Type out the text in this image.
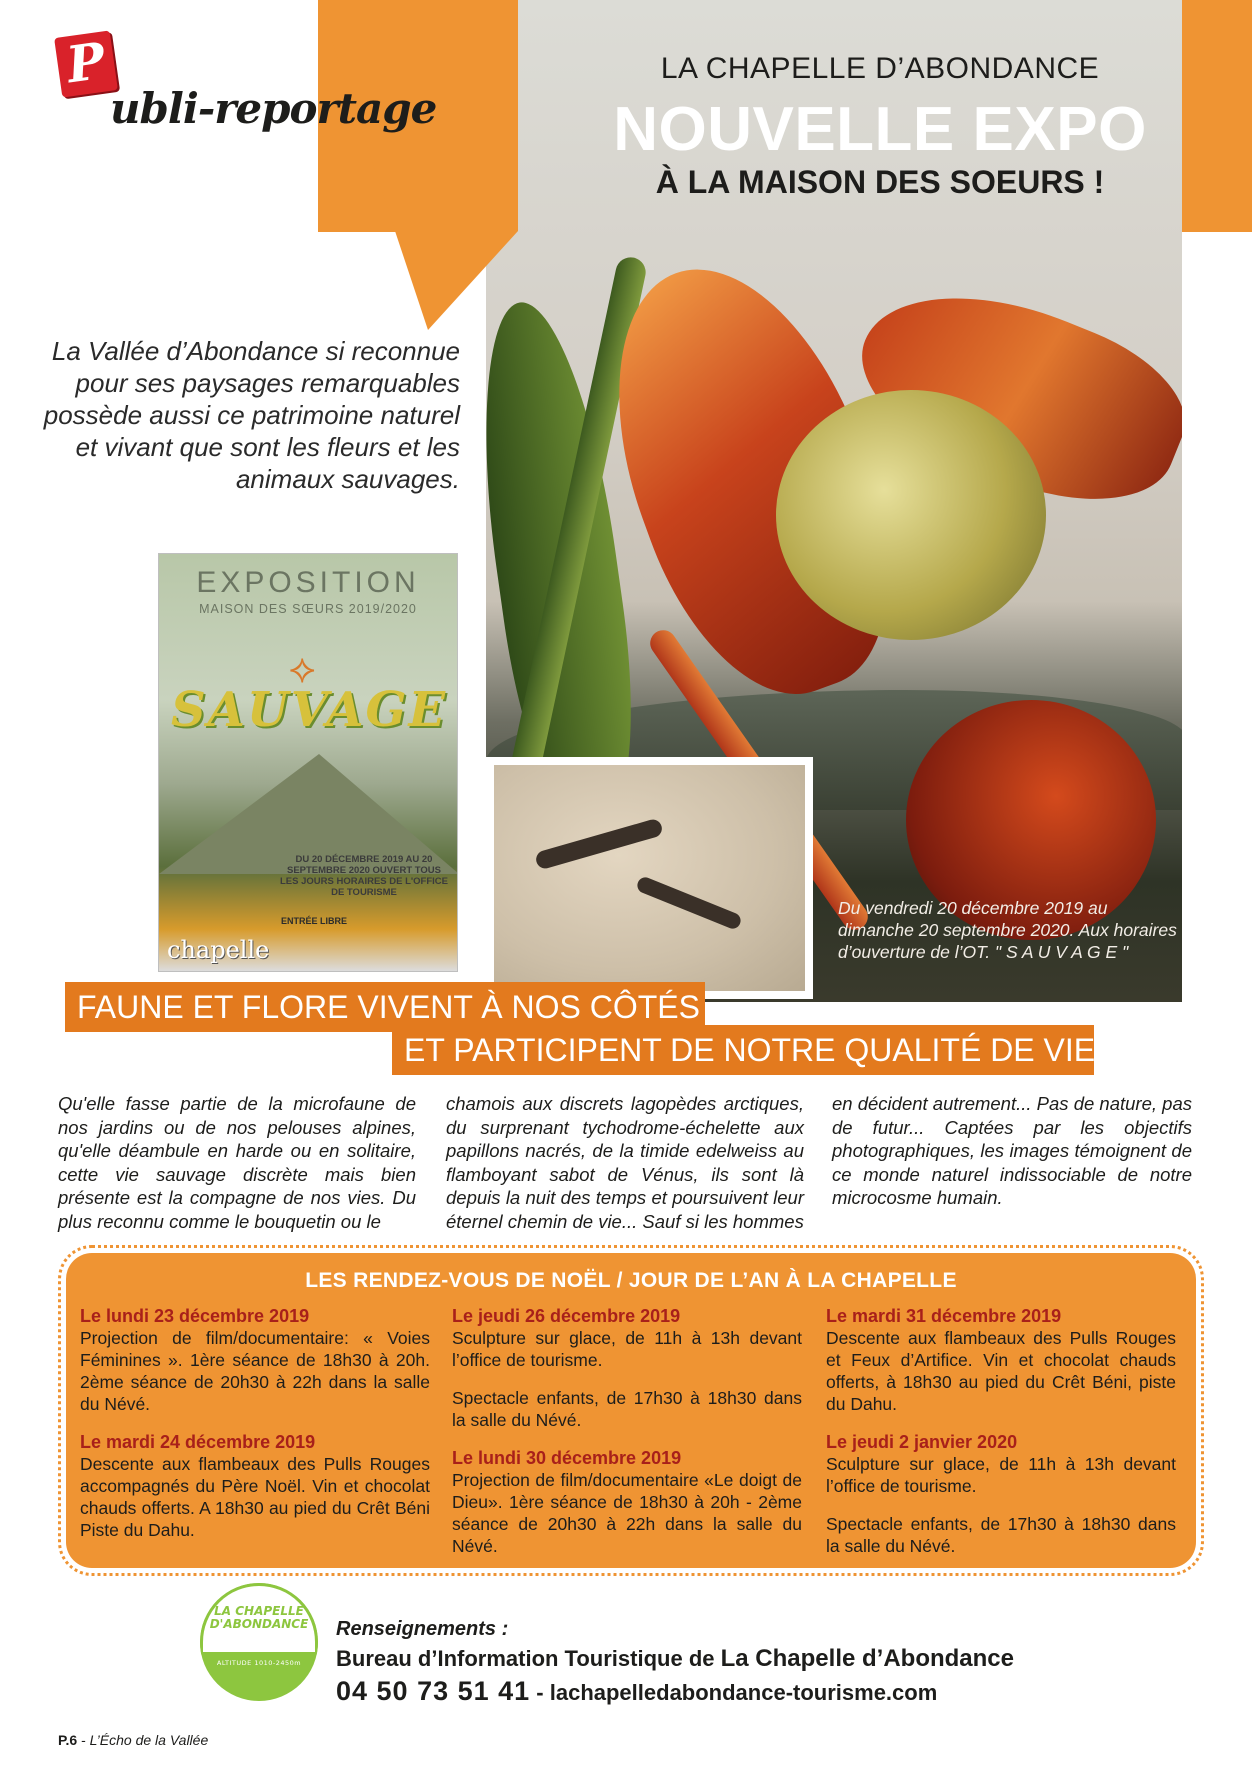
P
ubli-reportage
LA CHAPELLE D’ABONDANCE
NOUVELLE EXPO
À LA MAISON DES SOEURS !
Du vendredi 20 décembre 2019 au dimanche 20 septembre 2020. Aux horaires d’ouverture de l’OT. " S A U V A G E "
La Vallée d’Abondance si reconnue pour ses paysages remarquables possède aussi ce patrimoine naturel et vivant que sont les fleurs et les animaux sauvages.
EXPOSITION
MAISON DES SŒURS 2019/2020
⟡
SAUVAGE
DU 20 DÉCEMBRE 2019 AU 20 SEPTEMBRE 2020 OUVERT TOUS LES JOURS HORAIRES DE L'OFFICE DE TOURISME
ENTRÉE LIBRE
chapelle
FAUNE ET FLORE VIVENT À NOS CÔTÉS
ET PARTICIPENT DE NOTRE QUALITÉ DE VIE.
Qu'elle fasse partie de la microfaune de nos jardins ou de nos pelouses alpines, qu'elle déambule en harde ou en solitaire, cette vie sauvage discrète mais bien présente est la compagne de nos vies. Du plus reconnu comme le bouquetin ou le
chamois aux discrets lagopèdes arctiques, du surprenant tychodrome-échelette aux papillons nacrés, de la timide edelweiss au flamboyant sabot de Vénus, ils sont là depuis la nuit des temps et poursuivent leur éternel chemin de vie... Sauf si les hommes
en décident autrement... Pas de nature, pas de futur... Captées par les objectifs photographiques, les images témoignent de ce monde naturel indissociable de notre microcosme humain.
LES RENDEZ-VOUS DE NOËL / JOUR DE L’AN À LA CHAPELLE
Le lundi 23 décembre 2019
Projection de film/documentaire: « Voies Féminines ». 1ère séance de 18h30 à 20h. 2ème séance de 20h30 à 22h dans la salle du Névé.
Le mardi 24 décembre 2019
Descente aux flambeaux des Pulls Rouges accompagnés du Père Noël. Vin et chocolat chauds offerts. A 18h30 au pied du Crêt Béni Piste du Dahu.
Le jeudi 26 décembre 2019
Sculpture sur glace, de 11h à 13h devant l’office de tourisme.
Spectacle enfants, de 17h30 à 18h30 dans la salle du Névé.
Le lundi 30 décembre 2019
Projection de film/documentaire «Le doigt de Dieu». 1ère séance de 18h30 à 20h - 2ème séance de 20h30 à 22h dans la salle du Névé.
Le mardi 31 décembre 2019
Descente aux flambeaux des Pulls Rouges et Feux d’Artifice. Vin et chocolat chauds offerts, à 18h30 au pied du Crêt Béni, piste du Dahu.
Le jeudi 2 janvier 2020
Sculpture sur glace, de 11h à 13h devant l’office de tourisme.
Spectacle enfants, de 17h30 à 18h30 dans la salle du Névé.
LA CHAPELLE D'ABONDANCE
ALTITUDE 1010-2450m
Renseignements :
Bureau d’Information Touristique de La Chapelle d’Abondance
04 50 73 51 41 - lachapelledabondance-tourisme.com
P.6 - L’Écho de la Vallée
